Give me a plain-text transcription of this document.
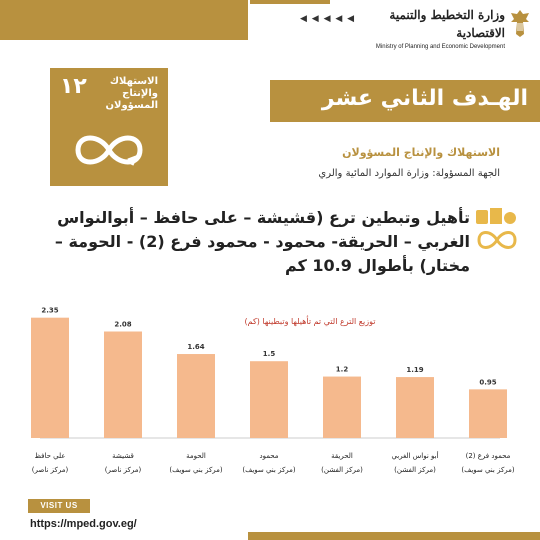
◀ ◀ ◀ ◀ ◀	وزارة التخطيط والتنمية الاقتصادية
Ministry of Planning and Economic Development
١٢	الاستهلاك والإنتاج المسؤولان	الهـدف الثاني عشر
الاستهلاك والإنتاج المسؤولان
الجهة المسؤولة: وزارة الموارد المائية والري
تأهيل وتبطين ترع (قشيشة – على حافظ – أبوالنواس الغربي – الحريقة- محمود - محمود فرع (2) - الحومة – مختار) بأطوال 10.9 كم
توزيع الترع التي تم تأهيلها وتبطينها (كم)
2.35
علي حافظ
(مركز ناصر)
2.08
قشيشة
(مركز ناصر)
1.64
الحومة
(مركز بني سويف)
1.5
محمود
(مركز بني سويف)
1.2
الحريقة
(مركز الفشن)
1.19
أبو نواس الغربي
(مركز الفشن)
0.95
محمود فرع (2)
(مركز بني سويف)
VISIT US
https://mped.gov.eg/
